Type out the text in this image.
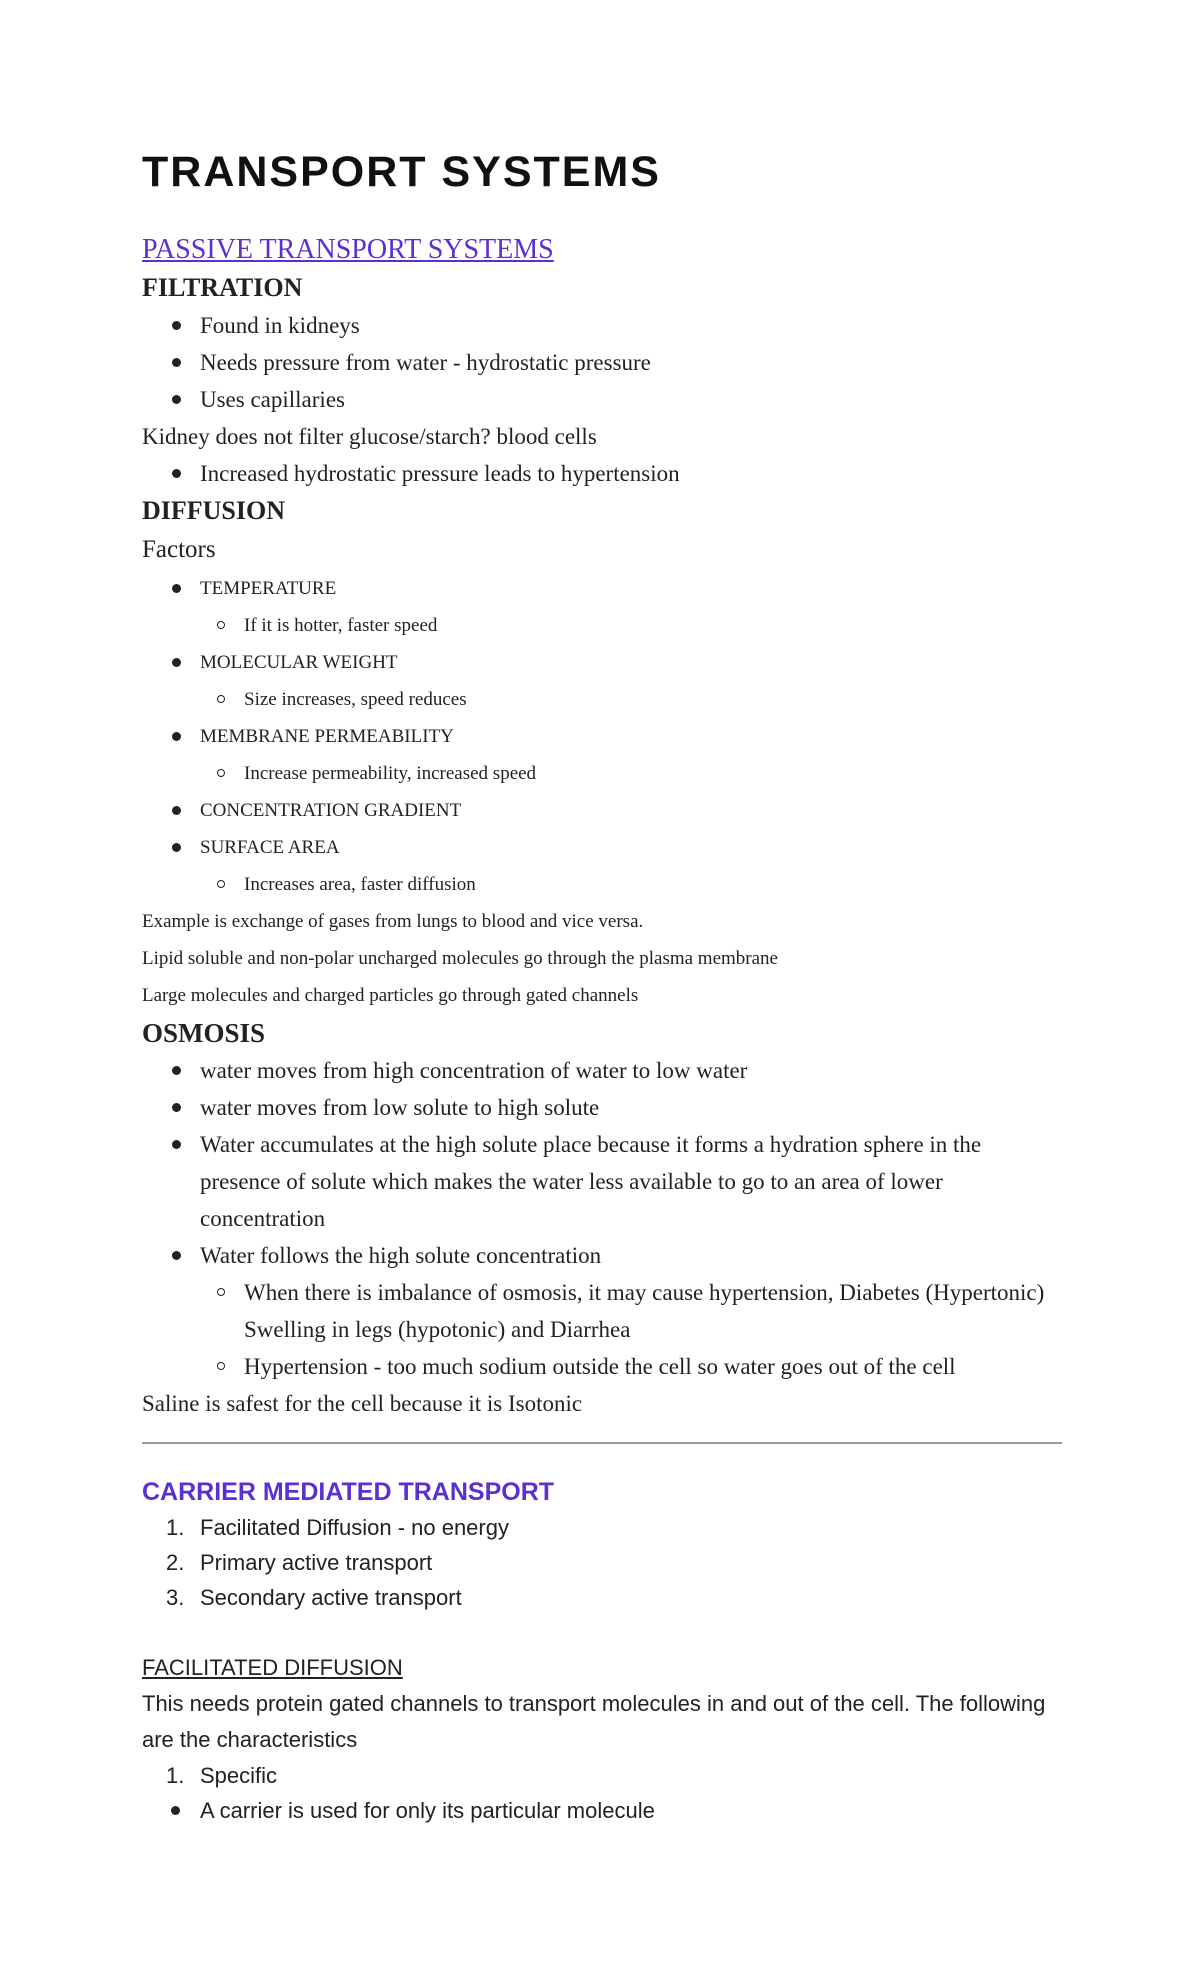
TRANSPORT SYSTEMS
PASSIVE TRANSPORT SYSTEMS
FILTRATION
Found in kidneys
Needs pressure from water - hydrostatic pressure
Uses capillaries
Kidney does not filter glucose/starch? blood cells
Increased hydrostatic pressure leads to hypertension
DIFFUSION
Factors
TEMPERATURE
If it is hotter, faster speed
MOLECULAR WEIGHT
Size increases, speed reduces
MEMBRANE PERMEABILITY
Increase permeability, increased speed
CONCENTRATION GRADIENT
SURFACE AREA
Increases area, faster diffusion
Example is exchange of gases from lungs to blood and vice versa.
Lipid soluble and non-polar uncharged molecules go through the plasma membrane
Large molecules and charged particles go through gated channels
OSMOSIS
water moves from high concentration of water to low water
water moves from low solute to high solute
Water accumulates at the high solute place because it forms a hydration sphere in the presence of solute which makes the water less available to go to an area of lower concentration
Water follows the high solute concentration
When there is imbalance of osmosis, it may cause hypertension, Diabetes (Hypertonic) Swelling in legs (hypotonic) and Diarrhea
Hypertension - too much sodium outside the cell so water goes out of the cell
Saline is safest for the cell because it is Isotonic
CARRIER MEDIATED TRANSPORT
1. Facilitated Diffusion - no energy
2. Primary active transport
3. Secondary active transport
FACILITATED DIFFUSION
This needs protein gated channels to transport molecules in and out of the cell. The following are the characteristics
1. Specific
A carrier is used for only its particular molecule
